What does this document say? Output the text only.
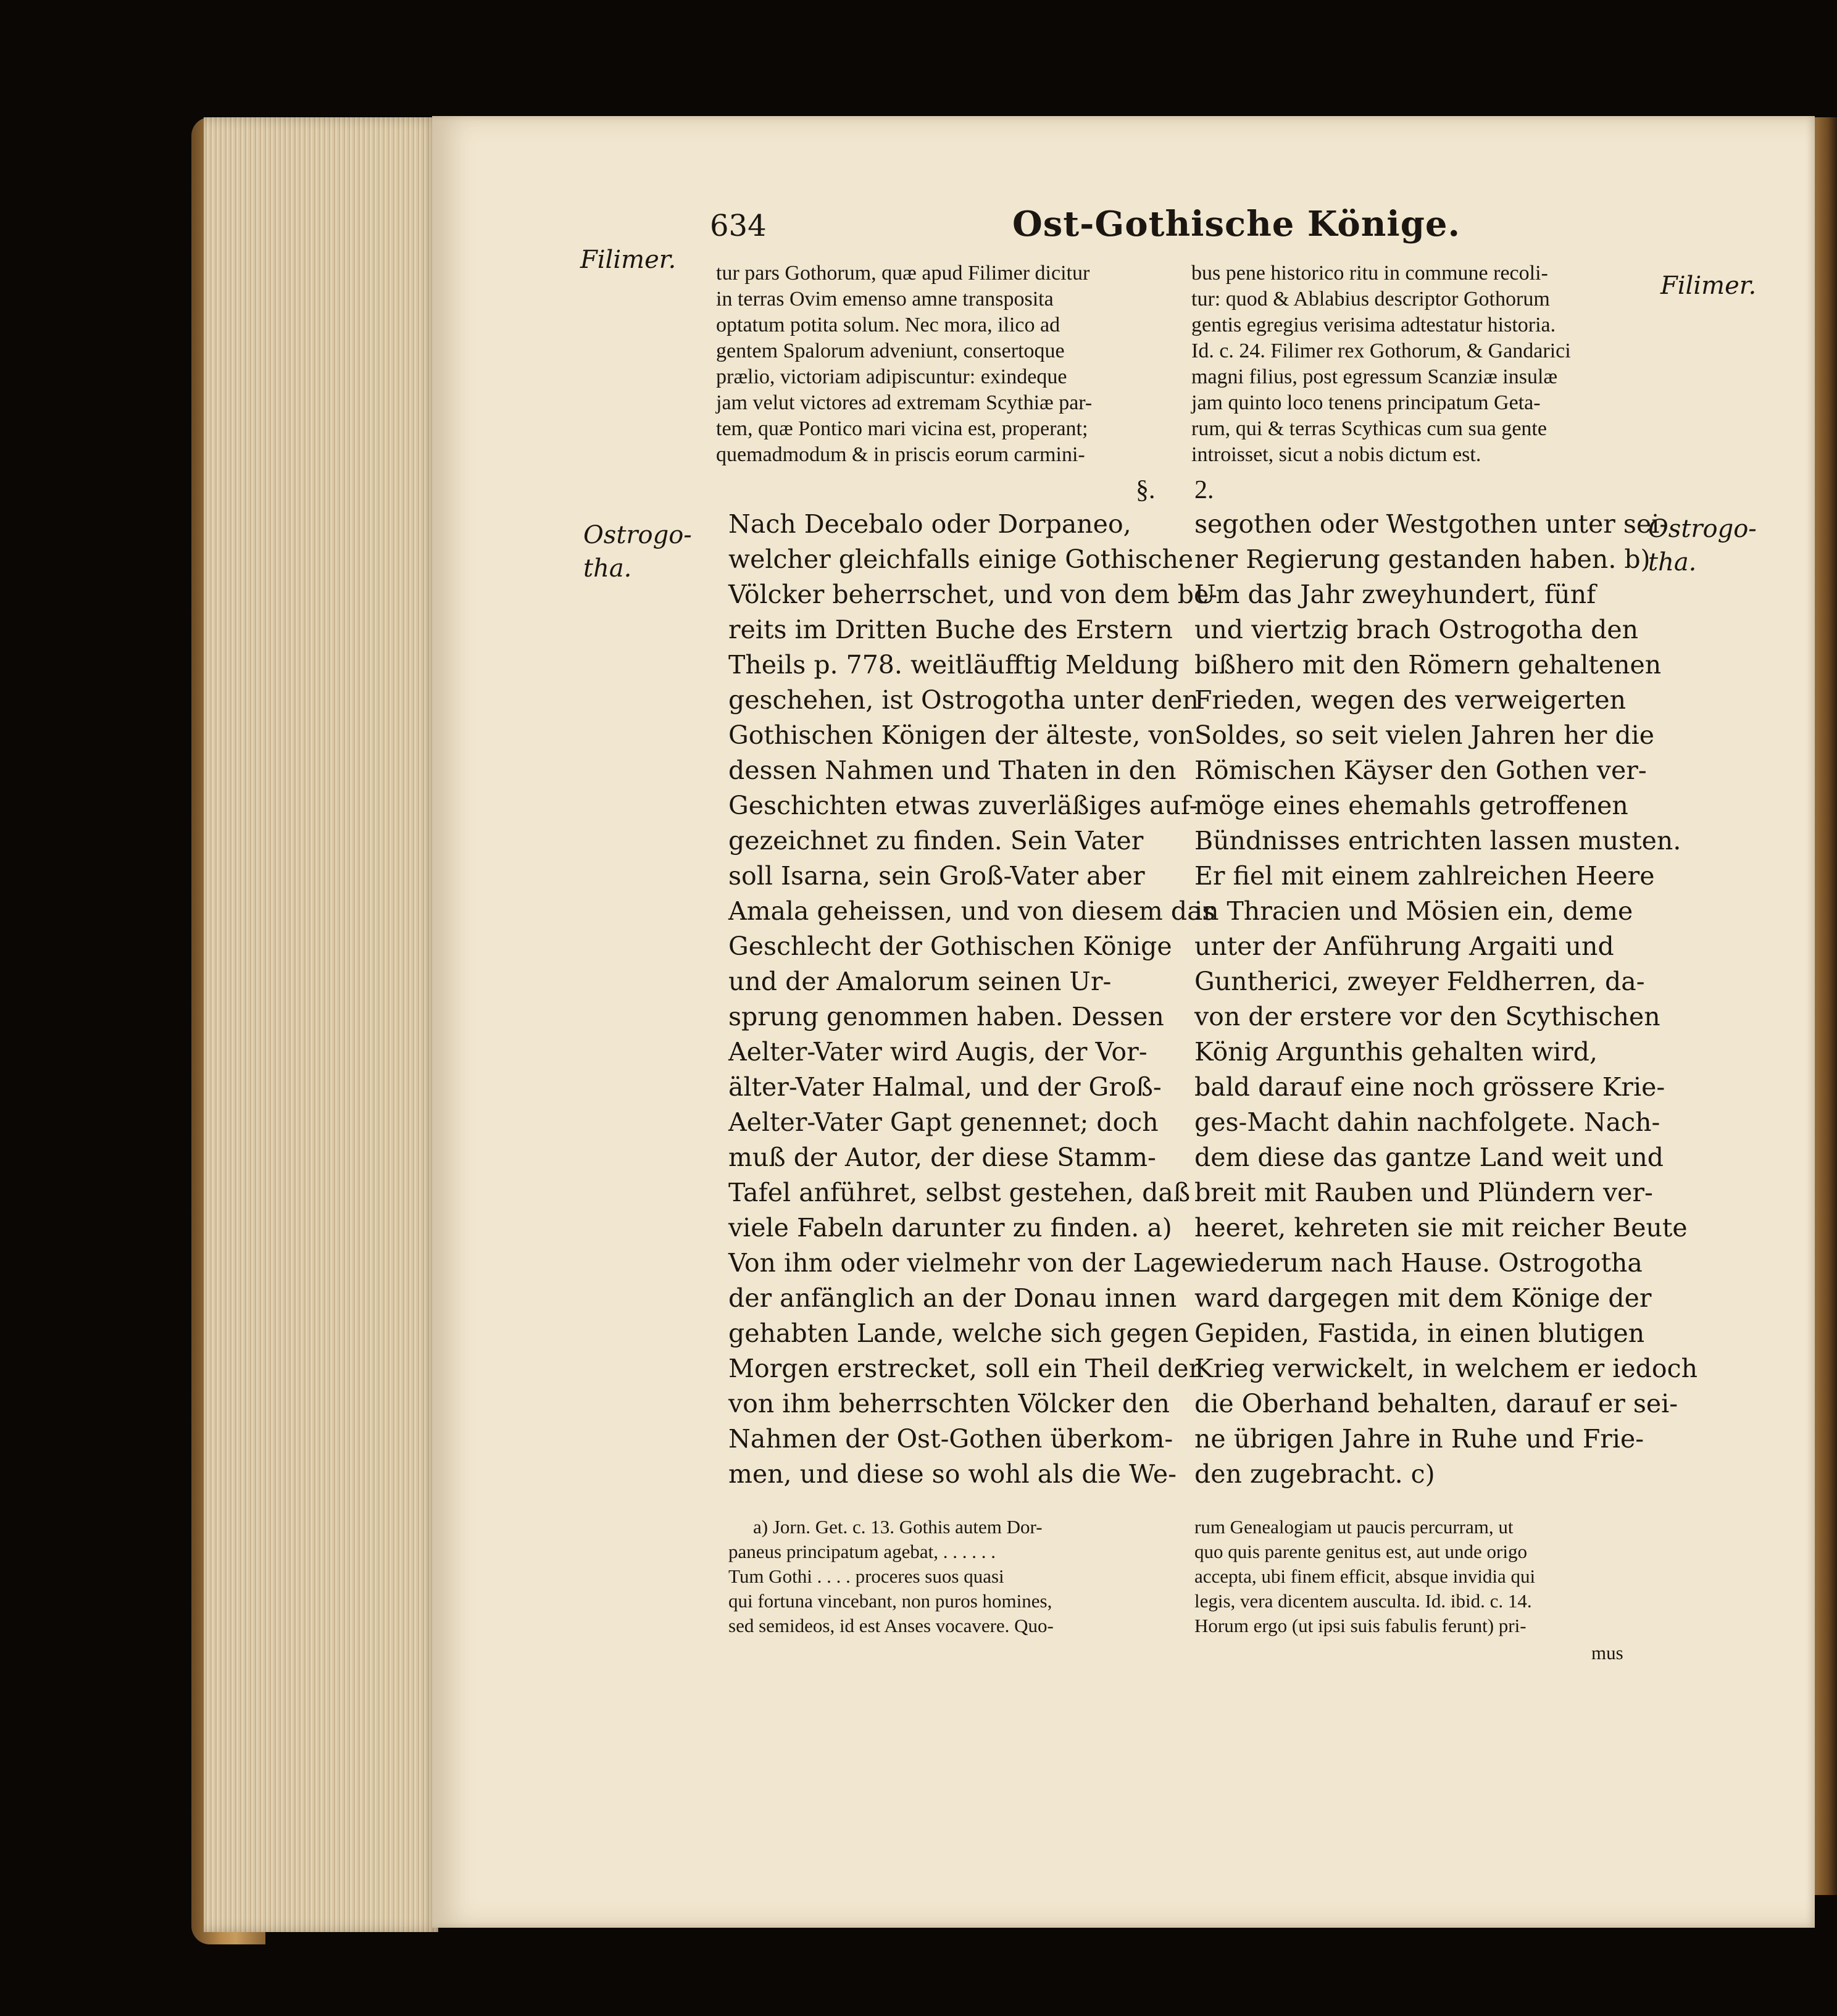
634	Ost-Gothische Könige.
Filimer.
Filimer.
Ostrogo-
tha.
Ostrogo-
tha.
tur pars Gothorum, quæ apud Filimer dicitur
in terras Ovim emenso amne transposita
optatum potita solum. Nec mora, ilico ad
gentem Spalorum adveniunt, consertoque
prælio, victoriam adipiscuntur: exindeque
jam velut victores ad extremam Scythiæ par-
tem, quæ Pontico mari vicina est, properant;
quemadmodum & in priscis eorum carmini-
bus pene historico ritu in commune recoli-
tur: quod & Ablabius descriptor Gothorum
gentis egregius verisima adtestatur historia.
Id. c. 24. Filimer rex Gothorum, & Gandarici
magni filius, post egressum Scanziæ insulæ
jam quinto loco tenens principatum Geta-
rum, qui & terras Scythicas cum sua gente
introisset, sicut a nobis dictum est.
§. 2.
Nach Decebalo oder Dorpaneo,
welcher gleichfalls einige Gothische
Völcker beherrschet, und von dem be-
reits im Dritten Buche des Erstern
Theils p. 778. weitläufftig Meldung
geschehen, ist Ostrogotha unter den
Gothischen Königen der älteste, von
dessen Nahmen und Thaten in den
Geschichten etwas zuverläßiges auf-
gezeichnet zu finden. Sein Vater
soll Isarna, sein Groß-Vater aber
Amala geheissen, und von diesem das
Geschlecht der Gothischen Könige
und der Amalorum seinen Ur-
sprung genommen haben. Dessen
Aelter-Vater wird Augis, der Vor-
älter-Vater Halmal, und der Groß-
Aelter-Vater Gapt genennet; doch
muß der Autor, der diese Stamm-
Tafel anführet, selbst gestehen, daß
viele Fabeln darunter zu finden. a)
Von ihm oder vielmehr von der Lage
der anfänglich an der Donau innen
gehabten Lande, welche sich gegen
Morgen erstrecket, soll ein Theil der
von ihm beherrschten Völcker den
Nahmen der Ost-Gothen überkom-
men, und diese so wohl als die We-
segothen oder Westgothen unter sei-
ner Regierung gestanden haben. b)
Um das Jahr zweyhundert, fünf
und viertzig brach Ostrogotha den
bißhero mit den Römern gehaltenen
Frieden, wegen des verweigerten
Soldes, so seit vielen Jahren her die
Römischen Käyser den Gothen ver-
möge eines ehemahls getroffenen
Bündnisses entrichten lassen musten.
Er fiel mit einem zahlreichen Heere
in Thracien und Mösien ein, deme
unter der Anführung Argaiti und
Guntherici, zweyer Feldherren, da-
von der erstere vor den Scythischen
König Argunthis gehalten wird,
bald darauf eine noch grössere Krie-
ges-Macht dahin nachfolgete. Nach-
dem diese das gantze Land weit und
breit mit Rauben und Plündern ver-
heeret, kehreten sie mit reicher Beute
wiederum nach Hause. Ostrogotha
ward dargegen mit dem Könige der
Gepiden, Fastida, in einen blutigen
Krieg verwickelt, in welchem er iedoch
die Oberhand behalten, darauf er sei-
ne übrigen Jahre in Ruhe und Frie-
den zugebracht. c)
a) Jorn. Get. c. 13. Gothis autem Dor-
paneus principatum agebat, . . . . . .
Tum Gothi . . . . proceres suos quasi
qui fortuna vincebant, non puros homines,
sed semideos, id est Anses vocavere. Quo-
rum Genealogiam ut paucis percurram, ut
quo quis parente genitus est, aut unde origo
accepta, ubi finem efficit, absque invidia qui
legis, vera dicentem ausculta. Id. ibid. c. 14.
Horum ergo (ut ipsi suis fabulis ferunt) pri-
mus
